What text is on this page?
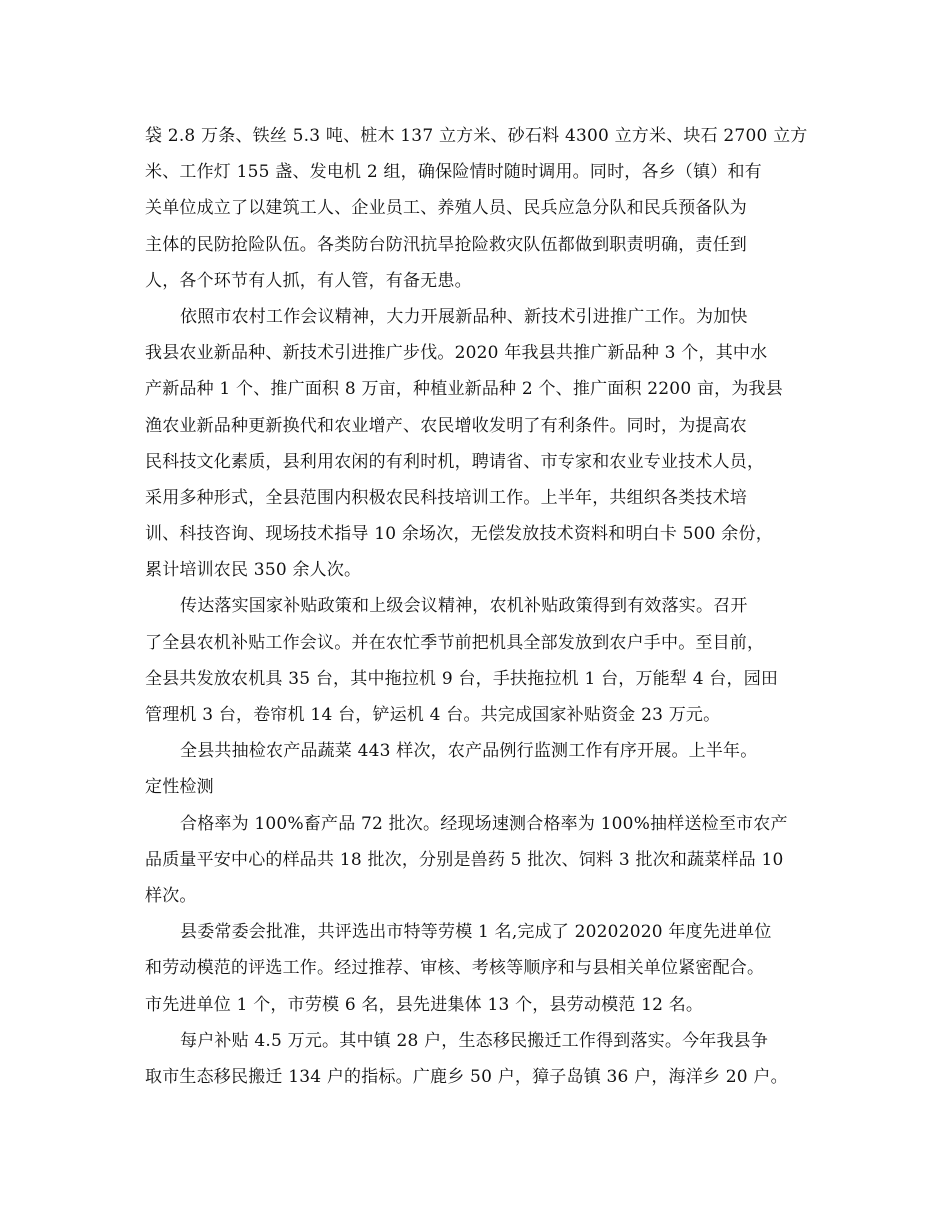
袋 2.8 万条、铁丝 5.3 吨、桩木 137 立方米、砂石料 4300 立方米、块石 2700 立方
米、工作灯 155 盏、发电机 2 组，确保险情时随时调用。同时，各乡（镇）和有
关单位成立了以建筑工人、企业员工、养殖人员、民兵应急分队和民兵预备队为
主体的民防抢险队伍。各类防台防汛抗旱抢险救灾队伍都做到职责明确，责任到
人，各个环节有人抓，有人管，有备无患。
依照市农村工作会议精神，大力开展新品种、新技术引进推广工作。为加快
我县农业新品种、新技术引进推广步伐。2020 年我县共推广新品种 3 个，其中水
产新品种 1 个、推广面积 8 万亩，种植业新品种 2 个、推广面积 2200 亩，为我县
渔农业新品种更新换代和农业增产、农民增收发明了有利条件。同时，为提高农
民科技文化素质，县利用农闲的有利时机，聘请省、市专家和农业专业技术人员，
采用多种形式，全县范围内积极农民科技培训工作。上半年，共组织各类技术培
训、科技咨询、现场技术指导 10 余场次，无偿发放技术资料和明白卡 500 余份，
累计培训农民 350 余人次。
传达落实国家补贴政策和上级会议精神，农机补贴政策得到有效落实。召开
了全县农机补贴工作会议。并在农忙季节前把机具全部发放到农户手中。至目前，
全县共发放农机具 35 台，其中拖拉机 9 台，手扶拖拉机 1 台，万能犁 4 台，园田
管理机 3 台，卷帘机 14 台，铲运机 4 台。共完成国家补贴资金 23 万元。
全县共抽检农产品蔬菜 443 样次，农产品例行监测工作有序开展。上半年。
定性检测
合格率为 100%畜产品 72 批次。经现场速测合格率为 100%抽样送检至市农产
品质量平安中心的样品共 18 批次，分别是兽药 5 批次、饲料 3 批次和蔬菜样品 10
样次。
县委常委会批准，共评选出市特等劳模 1 名,完成了 20202020 年度先进单位
和劳动模范的评选工作。经过推荐、审核、考核等顺序和与县相关单位紧密配合。
市先进单位 1 个，市劳模 6 名，县先进集体 13 个，县劳动模范 12 名。
每户补贴 4.5 万元。其中镇 28 户，生态移民搬迁工作得到落实。今年我县争
取市生态移民搬迁 134 户的指标。广鹿乡 50 户，獐子岛镇 36 户，海洋乡 20 户。
